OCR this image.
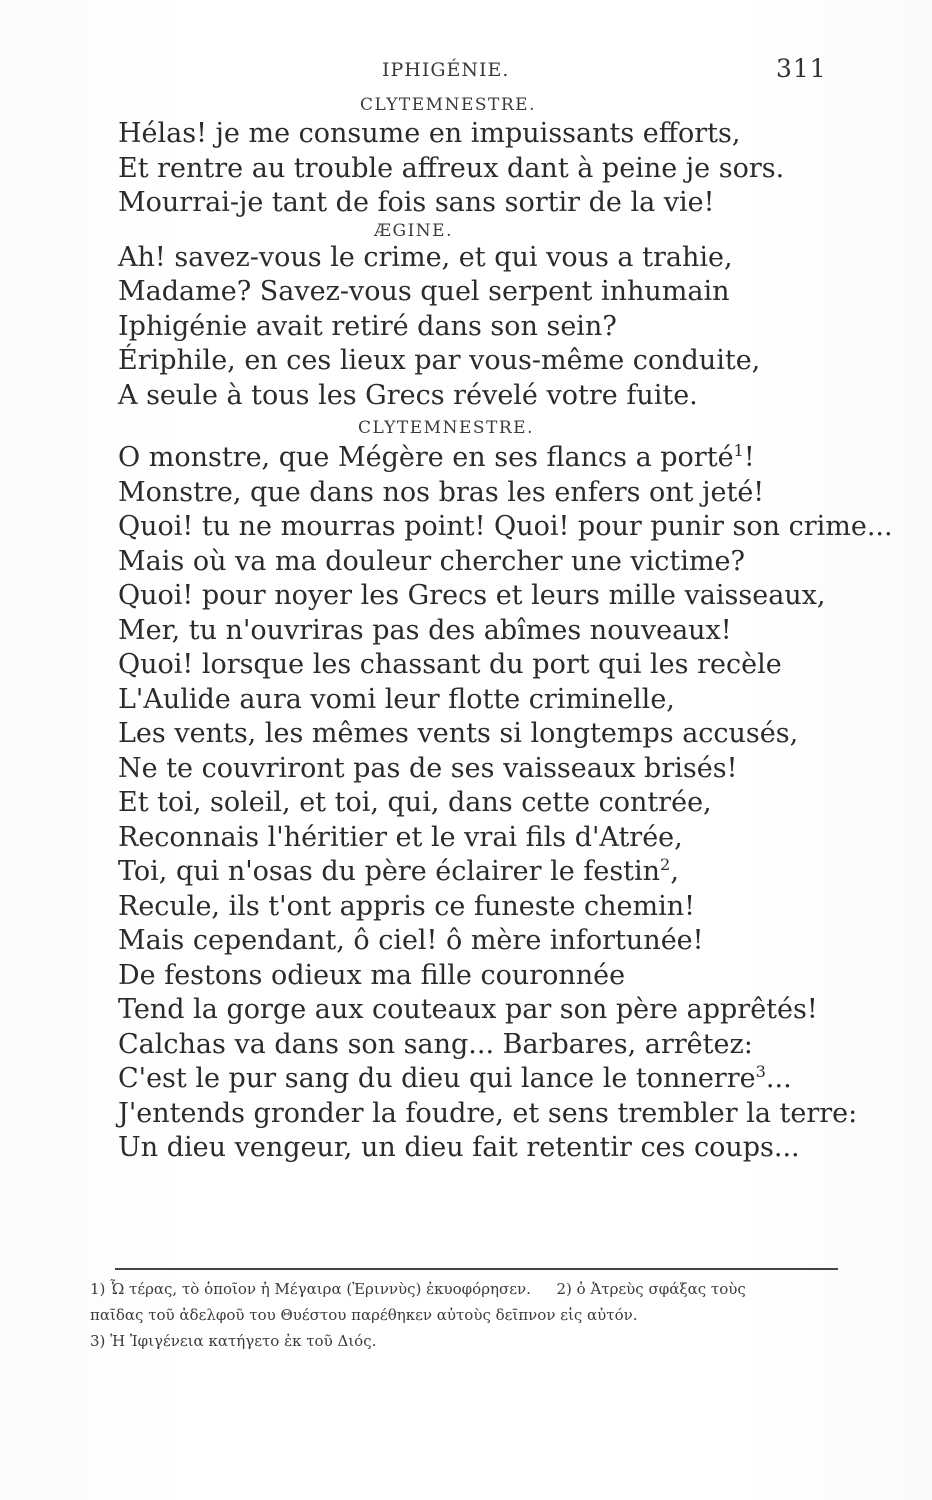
IPHIGÉNIE.	311
CLYTEMNESTRE.
Hélas! je me consume en impuissants efforts,
Et rentre au trouble affreux dant à peine je sors.
Mourrai-je tant de fois sans sortir de la vie!
ÆGINE.
Ah! savez-vous le crime, et qui vous a trahie,
Madame? Savez-vous quel serpent inhumain
Iphigénie avait retiré dans son sein?
Ériphile, en ces lieux par vous-même conduite,
A seule à tous les Grecs révelé votre fuite.
CLYTEMNESTRE.
O monstre, que Mégère en ses flancs a porté$^1$!
Monstre, que dans nos bras les enfers ont jeté!
Quoi! tu ne mourras point! Quoi! pour punir son crime...
Mais où va ma douleur chercher une victime?
Quoi! pour noyer les Grecs et leurs mille vaisseaux,
Mer, tu n'ouvriras pas des abîmes nouveaux!
Quoi! lorsque les chassant du port qui les recèle
L'Aulide aura vomi leur flotte criminelle,
Les vents, les mêmes vents si longtemps accusés,
Ne te couvriront pas de ses vaisseaux brisés!
Et toi, soleil, et toi, qui, dans cette contrée,
Reconnais l'héritier et le vrai fils d'Atrée,
Toi, qui n'osas du père éclairer le festin$^2$,
Recule, ils t'ont appris ce funeste chemin!
Mais cependant, ô ciel! ô mère infortunée!
De festons odieux ma fille couronnée
Tend la gorge aux couteaux par son père apprêtés!
Calchas va dans son sang... Barbares, arrêtez:
C'est le pur sang du dieu qui lance le tonnerre$^3$...
J'entends gronder la foudre, et sens trembler la terre:
Un dieu vengeur, un dieu fait retentir ces coups...
1) Ὦ τέρας, τὸ ὁποῖον ἡ Μέγαιρα (Ἐριννὺς) ἐκυοφόρησεν. 2) ὁ Ἀτρεὺς σφάξας τοὺς
παῖδας τοῦ ἀδελφοῦ του Θυέστου παρέθηκεν αὐτοὺς δεῖπνον εἰς αὐτόν.
3) Ἡ Ἰφιγένεια κατήγετο ἐκ τοῦ Διός.
